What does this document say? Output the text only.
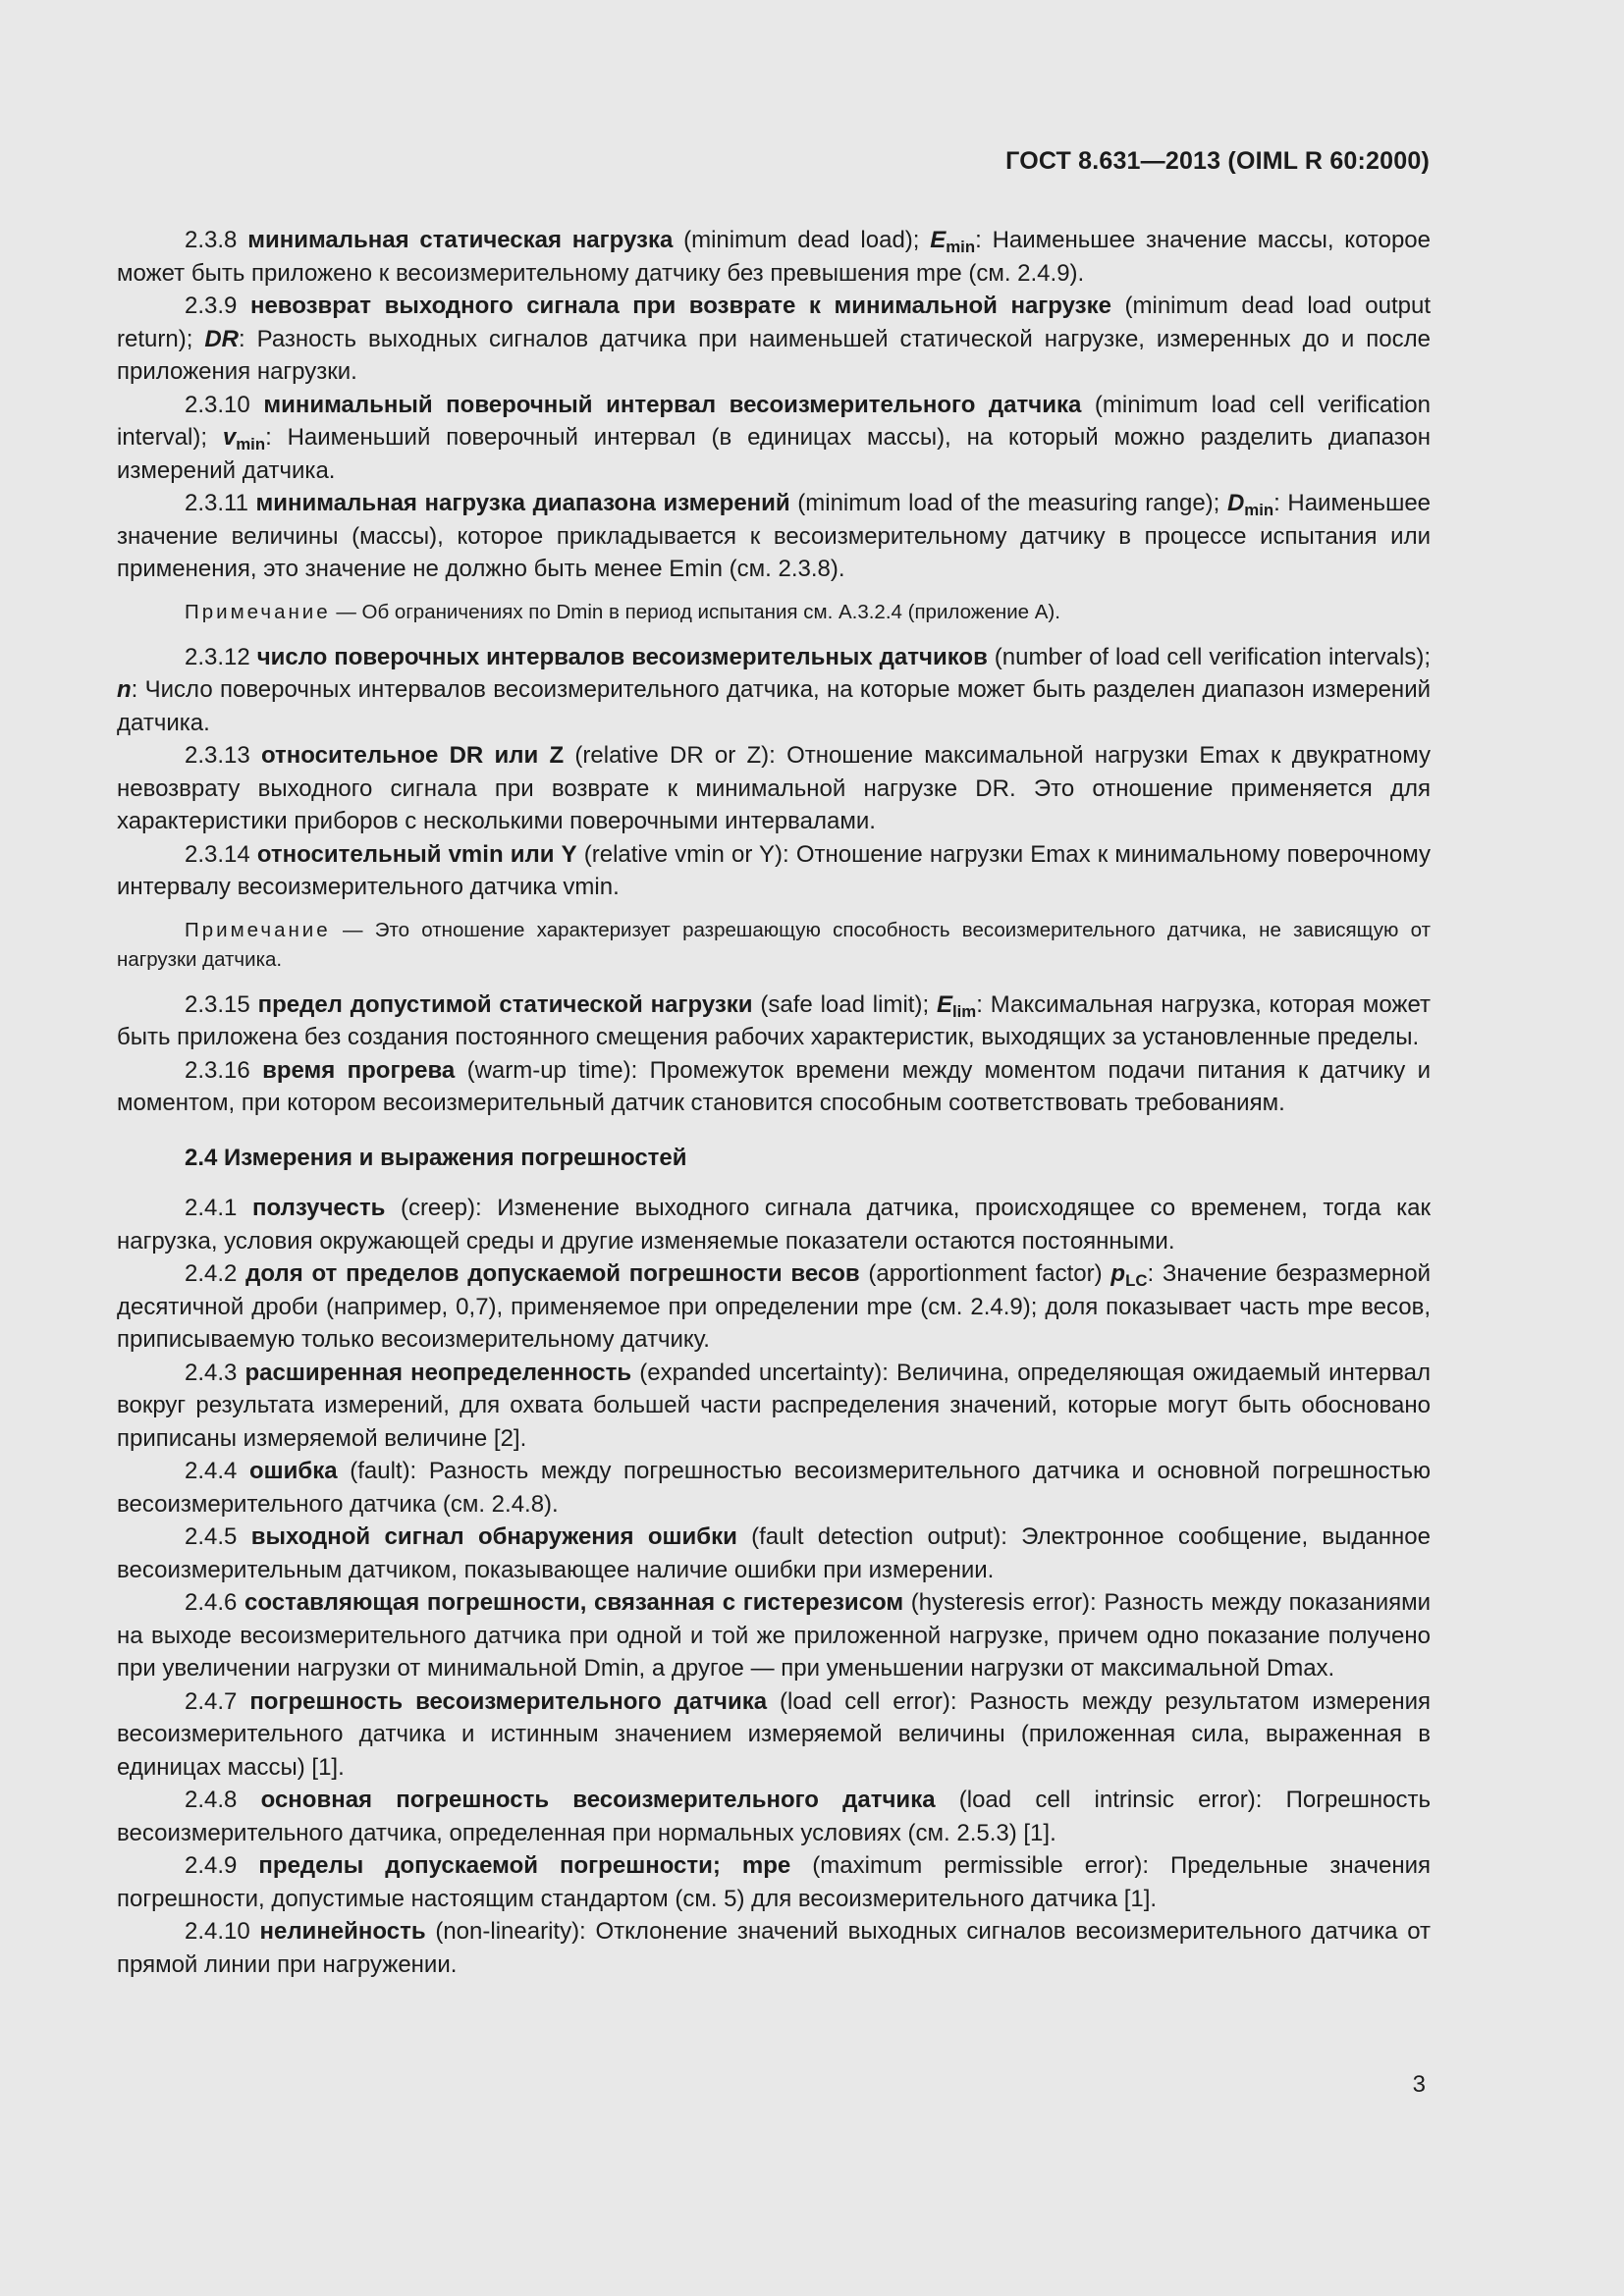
ГОСТ 8.631—2013 (OIML R 60:2000)

2.3.8 минимальная статическая нагрузка (minimum dead load); $E_{min}$: Наименьшее значение массы, которое может быть приложено к весоизмерительному датчику без превышения mpe (см. 2.4.9).

2.3.9 невозврат выходного сигнала при возврате к минимальной нагрузке (minimum dead load output return); DR: Разность выходных сигналов датчика при наименьшей статической нагрузке, измеренных до и после приложения нагрузки.

2.3.10 минимальный поверочный интервал весоизмерительного датчика (minimum load cell verification interval); $v_{min}$: Наименьший поверочный интервал (в единицах массы), на который можно разделить диапазон измерений датчика.

2.3.11 минимальная нагрузка диапазона измерений (minimum load of the measuring range); $D_{min}$: Наименьшее значение величины (массы), которое прикладывается к весоизмерительному датчику в процессе испытания или применения, это значение не должно быть менее Emin (см. 2.3.8).

Примечание — Об ограничениях по Dmin в период испытания см. А.3.2.4 (приложение А).

2.3.12 число поверочных интервалов весоизмерительных датчиков (number of load cell verification intervals); n: Число поверочных интервалов весоизмерительного датчика, на которые может быть разделен диапазон измерений датчика.

2.3.13 относительное DR или Z (relative DR or Z): Отношение максимальной нагрузки Emax к двукратному невозврату выходного сигнала при возврате к минимальной нагрузке DR. Это отношение применяется для характеристики приборов с несколькими поверочными интервалами.

2.3.14 относительный vmin или Y (relative vmin or Y): Отношение нагрузки Emax к минимальному поверочному интервалу весоизмерительного датчика vmin.

Примечание — Это отношение характеризует разрешающую способность весоизмерительного датчика, не зависящую от нагрузки датчика.

2.3.15 предел допустимой статической нагрузки (safe load limit); $E_{lim}$: Максимальная нагрузка, которая может быть приложена без создания постоянного смещения рабочих характеристик, выходящих за установленные пределы.

2.3.16 время прогрева (warm-up time): Промежуток времени между моментом подачи питания к датчику и моментом, при котором весоизмерительный датчик становится способным соответствовать требованиям.

2.4 Измерения и выражения погрешностей

2.4.1 ползучесть (creep): Изменение выходного сигнала датчика, происходящее со временем, тогда как нагрузка, условия окружающей среды и другие изменяемые показатели остаются постоянными.

2.4.2 доля от пределов допускаемой погрешности весов (apportionment factor) $p_{LC}$: Значение безразмерной десятичной дроби (например, 0,7), применяемое при определении mpe (см. 2.4.9); доля показывает часть mpe весов, приписываемую только весоизмерительному датчику.

2.4.3 расширенная неопределенность (expanded uncertainty): Величина, определяющая ожидаемый интервал вокруг результата измерений, для охвата большей части распределения значений, которые могут быть обосновано приписаны измеряемой величине [2].

2.4.4 ошибка (fault): Разность между погрешностью весоизмерительного датчика и основной погрешностью весоизмерительного датчика (см. 2.4.8).

2.4.5 выходной сигнал обнаружения ошибки (fault detection output): Электронное сообщение, выданное весоизмерительным датчиком, показывающее наличие ошибки при измерении.

2.4.6 составляющая погрешности, связанная с гистерезисом (hysteresis error): Разность между показаниями на выходе весоизмерительного датчика при одной и той же приложенной нагрузке, причем одно показание получено при увеличении нагрузки от минимальной Dmin, а другое — при уменьшении нагрузки от максимальной Dmax.

2.4.7 погрешность весоизмерительного датчика (load cell error): Разность между результатом измерения весоизмерительного датчика и истинным значением измеряемой величины (приложенная сила, выраженная в единицах массы) [1].

2.4.8 основная погрешность весоизмерительного датчика (load cell intrinsic error): Погрешность весоизмерительного датчика, определенная при нормальных условиях (см. 2.5.3) [1].

2.4.9 пределы допускаемой погрешности; mpe (maximum permissible error): Предельные значения погрешности, допустимые настоящим стандартом (см. 5) для весоизмерительного датчика [1].

2.4.10 нелинейность (non-linearity): Отклонение значений выходных сигналов весоизмерительного датчика от прямой линии при нагружении.

3
